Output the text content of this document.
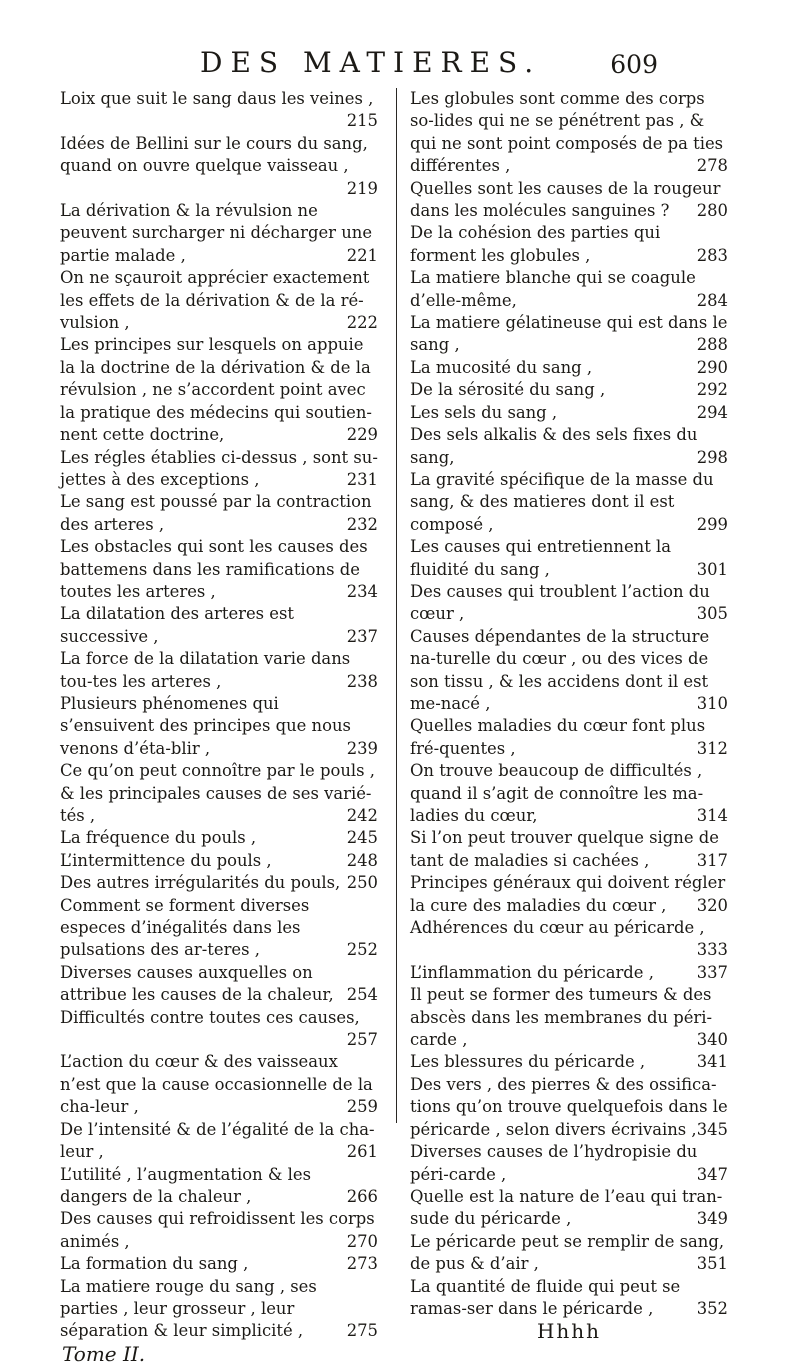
DES MATIERES.	609
Loix que suit le sang daus les veines ,
215
Idées de Bellini sur le cours du sang, quand on ouvre quelque vaisseau ,
219
La dérivation & la révulsion ne peuvent surcharger ni décharger une partie malade ,	221
On ne sçauroit apprécier exactement les effets de la dérivation & de la ré-vulsion ,	222
Les principes sur lesquels on appuie la la doctrine de la dérivation & de la révulsion , ne s’accordent point avec la pratique des médecins qui soutien-nent cette doctrine,	229
Les régles établies ci-dessus , sont su-jettes à des exceptions ,	231
Le sang est poussé par la contraction des arteres ,	232
Les obstacles qui sont les causes des battemens dans les ramifications de toutes les arteres ,	234
La dilatation des arteres est successive ,	237
La force de la dilatation varie dans tou-tes les arteres ,	238
Plusieurs phénomenes qui s’ensuivent des principes que nous venons d’éta-blir ,	239
Ce qu’on peut connoître par le pouls , & les principales causes de ses varié-tés ,	242
La fréquence du pouls ,	245
L’intermittence du pouls ,	248
Des autres irrégularités du pouls, 250
Comment se forment diverses especes d’inégalités dans les pulsations des ar-teres ,	252
Diverses causes auxquelles on attribue les causes de la chaleur, 254
Difficultés contre toutes ces causes,
257
L’action du cœur & des vaisseaux n’est que la cause occasionnelle de la cha-leur ,	259
De l’intensité & de l’égalité de la cha-leur ,	261
L’utilité , l’augmentation & les dangers de la chaleur ,	266
Des causes qui refroidissent les corps animés ,	270
La formation du sang ,	273
La matiere rouge du sang , ses parties , leur grosseur , leur séparation & leur simplicité ,	275
Tome II.
Les globules sont comme des corps so-lides qui ne se pénétrent pas , & qui ne sont point composés de pa ties différentes ,	278
Quelles sont les causes de la rougeur dans les molécules sanguines ? 280
De la cohésion des parties qui forment les globules ,	283
La matiere blanche qui se coagule d’elle-même,	284
La matiere gélatineuse qui est dans le sang ,	288
La mucosité du sang ,	290
De la sérosité du sang ,	292
Les sels du sang ,	294
Des sels alkalis & des sels fixes du sang,	298
La gravité spécifique de la masse du sang, & des matieres dont il est composé ,	299
Les causes qui entretiennent la fluidité du sang ,	301
Des causes qui troublent l’action du cœur ,	305
Causes dépendantes de la structure na-turelle du cœur , ou des vices de son tissu , & les accidens dont il est me-nacé ,	310
Quelles maladies du cœur font plus fré-quentes ,	312
On trouve beaucoup de difficultés , quand il s’agit de connoître les ma-ladies du cœur,	314
Si l’on peut trouver quelque signe de tant de maladies si cachées ,	317
Principes généraux qui doivent régler la cure des maladies du cœur , 320
Adhérences du cœur au péricarde ,
333
L’inflammation du péricarde ,	337
Il peut se former des tumeurs & des abscès dans les membranes du péri-carde ,	340
Les blessures du péricarde ,	341
Des vers , des pierres & des ossifica-tions qu’on trouve quelquefois dans le péricarde , selon divers écrivains , 345
Diverses causes de l’hydropisie du péri-carde ,	347
Quelle est la nature de l’eau qui tran-sude du péricarde ,	349
Le péricarde peut se remplir de sang, de pus & d’air ,	351
La quantité de fluide qui peut se ramas-ser dans le péricarde ,	352
Hhhh
